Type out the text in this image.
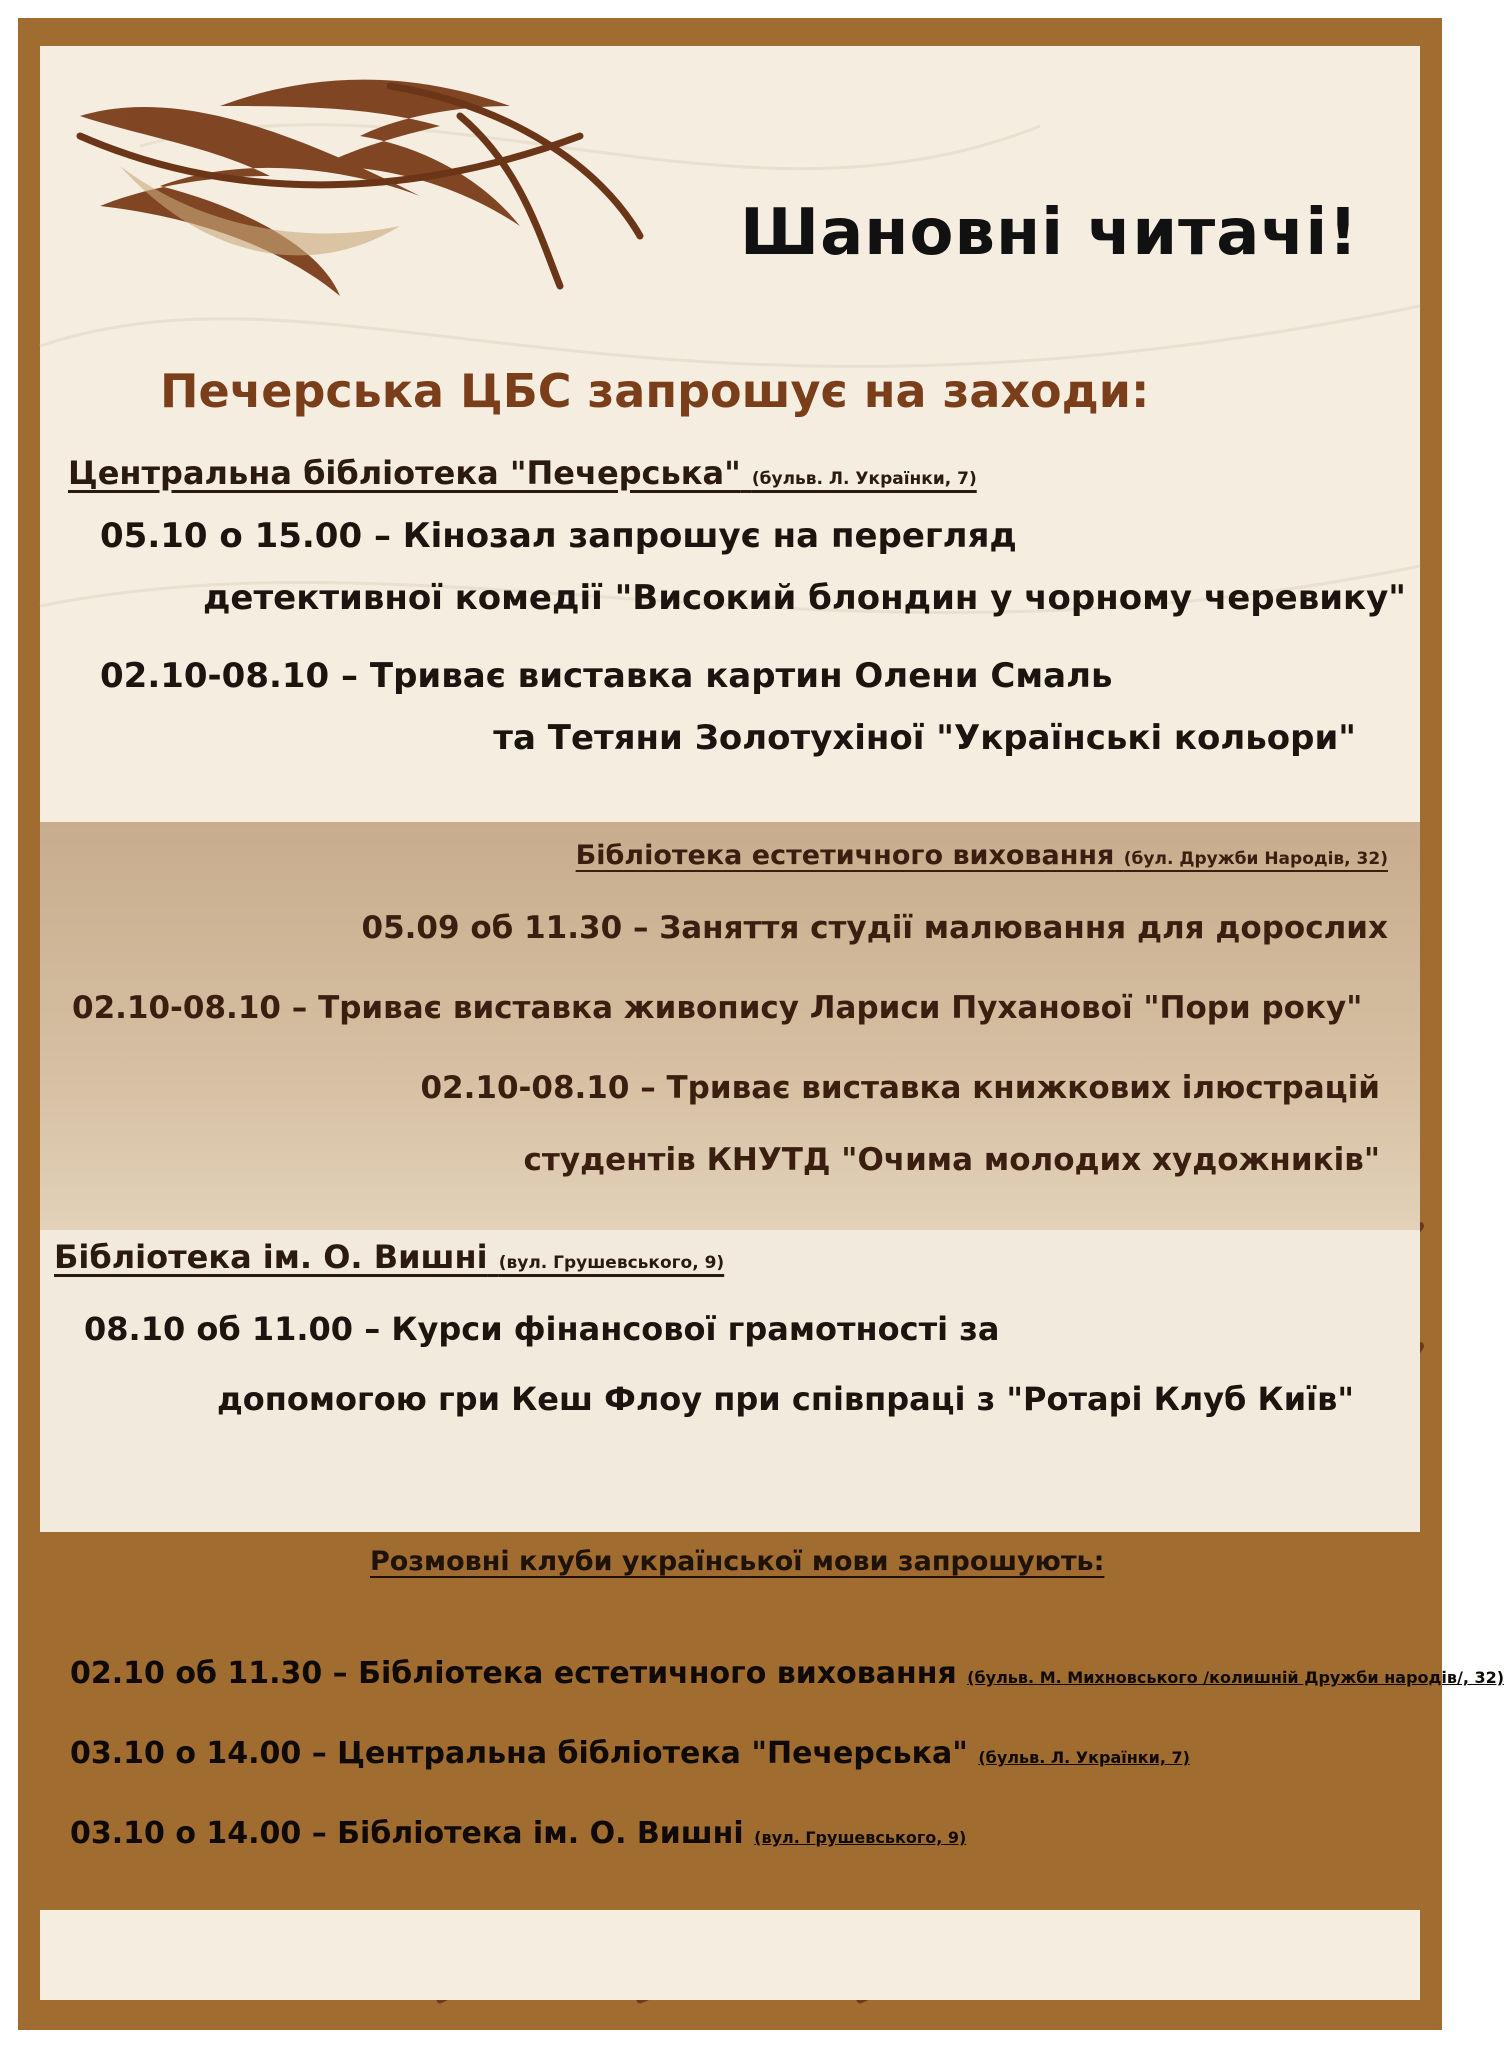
Шановні читачі!
Печерська ЦБС запрошує на заходи:
Центральна бібліотека "Печерська" (бульв. Л. Українки, 7)
05.10 о 15.00 – Кінозал запрошує на перегляд
детективної комедії "Високий блондин у чорному черевику"
02.10-08.10 – Триває виставка картин Олени Смаль
та Тетяни Золотухіної "Українські кольори"
Бібліотека естетичного виховання (бул. Дружби Народів, 32)
05.09 об 11.30 – Заняття студії малювання для дорослих
02.10-08.10 – Триває виставка живопису Лариси Пуханової "Пори року"
02.10-08.10 – Триває виставка книжкових ілюстрацій
студентів КНУТД "Очима молодих художників"
Бібліотека ім. О. Вишні (вул. Грушевського, 9)
08.10 об 11.00 – Курси фінансової грамотності за
допомогою гри Кеш Флоу при співпраці з "Ротарі Клуб Київ"
Розмовні клуби української мови запрошують:
02.10 об 11.30 – Бібліотека естетичного виховання (бульв. М. Михновського /колишній Дружби народів/, 32)
03.10 о 14.00 – Центральна бібліотека "Печерська" (бульв. Л. Українки, 7)
03.10 о 14.00 – Бібліотека ім. О. Вишні (вул. Грушевського, 9)
